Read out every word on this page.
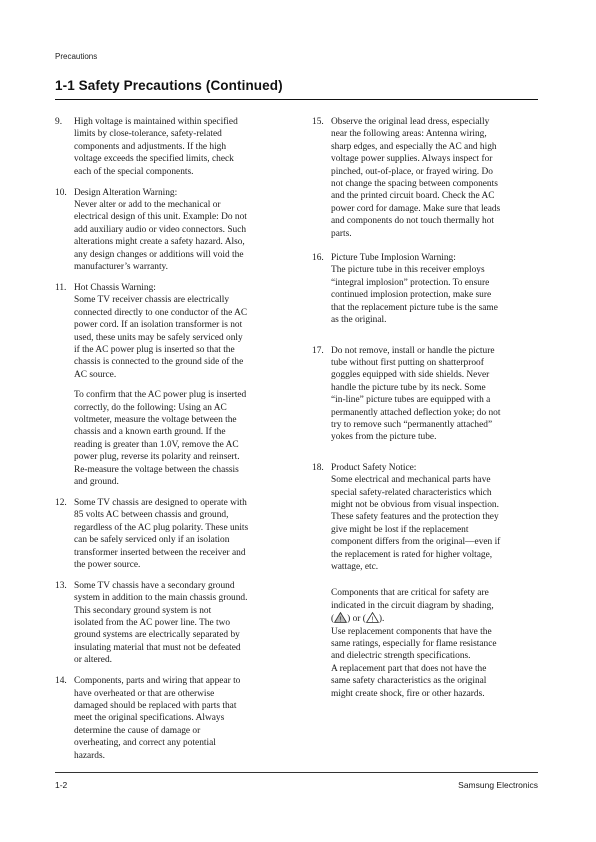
Precautions
1-1 Safety Precautions (Continued)
9. High voltage is maintained within specified
limits by close-tolerance, safety-related
components and adjustments. If the high
voltage exceeds the specified limits, check
each of the special components.
10. Design Alteration Warning:
Never alter or add to the mechanical or
electrical design of this unit. Example: Do not
add auxiliary audio or video connectors. Such
alterations might create a safety hazard. Also,
any design changes or additions will void the
manufacturer’s warranty.
11. Hot Chassis Warning:
Some TV receiver chassis are electrically
connected directly to one conductor of the AC
power cord. If an isolation transformer is not
used, these units may be safely serviced only
if the AC power plug is inserted so that the
chassis is connected to the ground side of the
AC source.
To confirm that the AC power plug is inserted
correctly, do the following: Using an AC
voltmeter, measure the voltage between the
chassis and a known earth ground. If the
reading is greater than 1.0V, remove the AC
power plug, reverse its polarity and reinsert.
Re-measure the voltage between the chassis
and ground.
12. Some TV chassis are designed to operate with
85 volts AC between chassis and ground,
regardless of the AC plug polarity. These units
can be safely serviced only if an isolation
transformer inserted between the receiver and
the power source.
13. Some TV chassis have a secondary ground
system in addition to the main chassis ground.
This secondary ground system is not
isolated from the AC power line. The two
ground systems are electrically separated by
insulating material that must not be defeated
or altered.
14. Components, parts and wiring that appear to
have overheated or that are otherwise
damaged should be replaced with parts that
meet the original specifications. Always
determine the cause of damage or
overheating, and correct any potential
hazards.
15. Observe the original lead dress, especially
near the following areas: Antenna wiring,
sharp edges, and especially the AC and high
voltage power supplies. Always inspect for
pinched, out-of-place, or frayed wiring. Do
not change the spacing between components
and the printed circuit board. Check the AC
power cord for damage. Make sure that leads
and components do not touch thermally hot
parts.
16. Picture Tube Implosion Warning:
The picture tube in this receiver employs
“integral implosion” protection. To ensure
continued implosion protection, make sure
that the replacement picture tube is the same
as the original.
17. Do not remove, install or handle the picture
tube without first putting on shatterproof
goggles equipped with side shields. Never
handle the picture tube by its neck. Some
“in-line” picture tubes are equipped with a
permanently attached deflection yoke; do not
try to remove such “permanently attached”
yokes from the picture tube.
18. Product Safety Notice:
Some electrical and mechanical parts have
special safety-related characteristics which
might not be obvious from visual inspection.
These safety features and the protection they
give might be lost if the replacement
component differs from the original—even if
the replacement is rated for higher voltage,
wattage, etc.
Components that are critical for safety are
indicated in the circuit diagram by shading,
( ! ) or ( ! ).
Use replacement components that have the
same ratings, especially for flame resistance
and dielectric strength specifications.
A replacement part that does not have the
same safety characteristics as the original
might create shock, fire or other hazards.
1-2	Samsung Electronics
